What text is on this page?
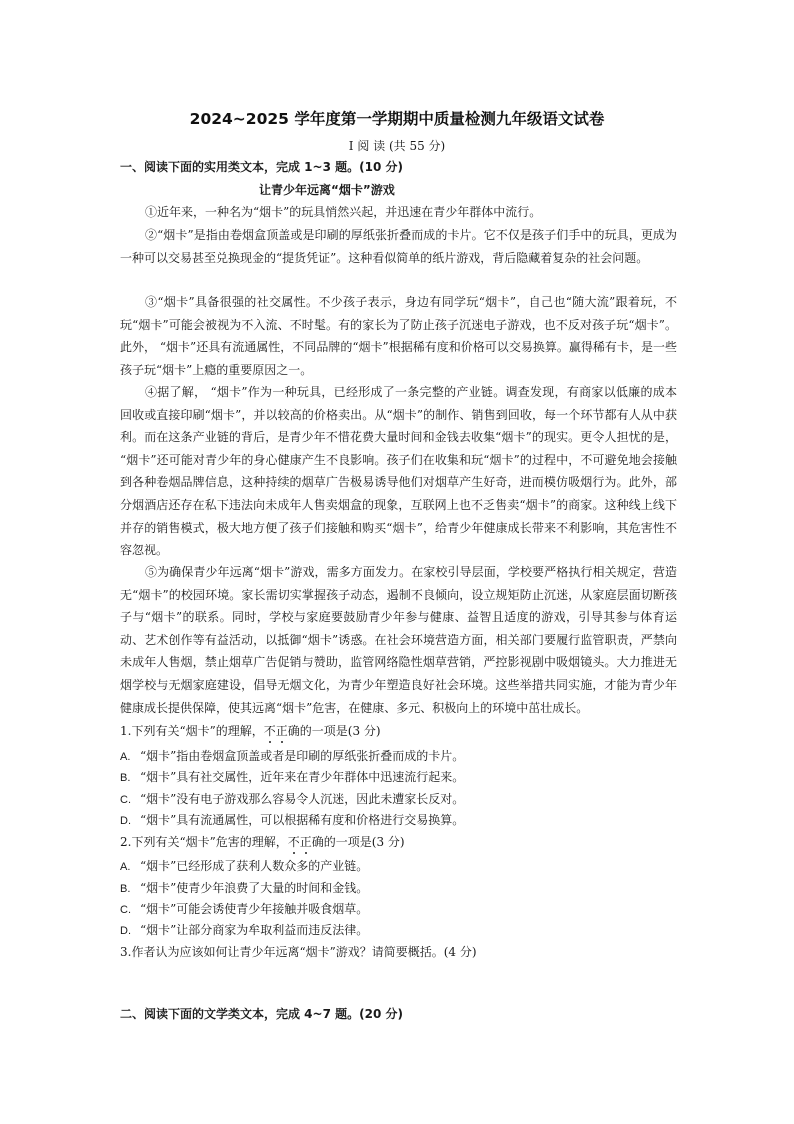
2024~2025 学年度第一学期期中质量检测九年级语文试卷
Ⅰ 阅 读 (共 55 分)
一、阅读下面的实用类文本，完成 1~3 题。(10 分)
让青少年远离“烟卡”游戏
①近年来，一种名为“烟卡”的玩具悄然兴起，并迅速在青少年群体中流行。
②“烟卡”是指由卷烟盒顶盖或是印刷的厚纸张折叠而成的卡片。它不仅是孩子们手中的玩具，更成为一种可以交易甚至兑换现金的“提货凭证”。这种看似简单的纸片游戏，背后隐藏着复杂的社会问题。
③“烟卡”具备很强的社交属性。不少孩子表示，身边有同学玩“烟卡”，自己也“随大流”跟着玩，不玩“烟卡”可能会被视为不入流、不时髦。有的家长为了防止孩子沉迷电子游戏，也不反对孩子玩“烟卡”。此外， “烟卡”还具有流通属性，不同品牌的“烟卡”根据稀有度和价格可以交易换算。赢得稀有卡，是一些孩子玩“烟卡”上瘾的重要原因之一。
④据了解， “烟卡”作为一种玩具，已经形成了一条完整的产业链。调查发现，有商家以低廉的成本回收或直接印刷“烟卡”，并以较高的价格卖出。从“烟卡”的制作、销售到回收，每一个环节都有人从中获利。而在这条产业链的背后，是青少年不惜花费大量时间和金钱去收集“烟卡”的现实。更令人担忧的是， “烟卡”还可能对青少年的身心健康产生不良影响。孩子们在收集和玩“烟卡”的过程中，不可避免地会接触到各种卷烟品牌信息，这种持续的烟草广告极易诱导他们对烟草产生好奇，进而模仿吸烟行为。此外，部分烟酒店还存在私下违法向未成年人售卖烟盒的现象，互联网上也不乏售卖“烟卡”的商家。这种线上线下并存的销售模式，极大地方便了孩子们接触和购买“烟卡”，给青少年健康成长带来不利影响，其危害性不容忽视。
⑤为确保青少年远离“烟卡”游戏，需多方面发力。在家校引导层面，学校要严格执行相关规定，营造无“烟卡”的校园环境。家长需切实掌握孩子动态，遏制不良倾向，设立规矩防止沉迷，从家庭层面切断孩子与“烟卡”的联系。同时，学校与家庭要鼓励青少年参与健康、益智且适度的游戏，引导其参与体育运动、艺术创作等有益活动，以抵御“烟卡”诱惑。在社会环境营造方面，相关部门要履行监管职责，严禁向未成年人售烟，禁止烟草广告促销与赞助，监管网络隐性烟草营销，严控影视剧中吸烟镜头。大力推进无烟学校与无烟家庭建设，倡导无烟文化，为青少年塑造良好社会环境。这些举措共同实施，才能为青少年健康成长提供保障，使其远离“烟卡”危害，在健康、多元、积极向上的环境中茁壮成长。
1.下列有关“烟卡”的理解，不正确的一项是(3 分)
A. “烟卡”指由卷烟盒顶盖或者是印刷的厚纸张折叠而成的卡片。
B. “烟卡”具有社交属性，近年来在青少年群体中迅速流行起来。
C. “烟卡”没有电子游戏那么容易令人沉迷，因此未遭家长反对。
D. “烟卡”具有流通属性，可以根据稀有度和价格进行交易换算。
2.下列有关“烟卡”危害的理解，不正确的一项是(3 分)
A. “烟卡”已经形成了获利人数众多的产业链。
B. “烟卡”使青少年浪费了大量的时间和金钱。
C. “烟卡”可能会诱使青少年接触并吸食烟草。
D. “烟卡”让部分商家为牟取利益而违反法律。
3.作者认为应该如何让青少年远离“烟卡”游戏？请简要概括。(4 分)
二、阅读下面的文学类文本，完成 4~7 题。(20 分)
